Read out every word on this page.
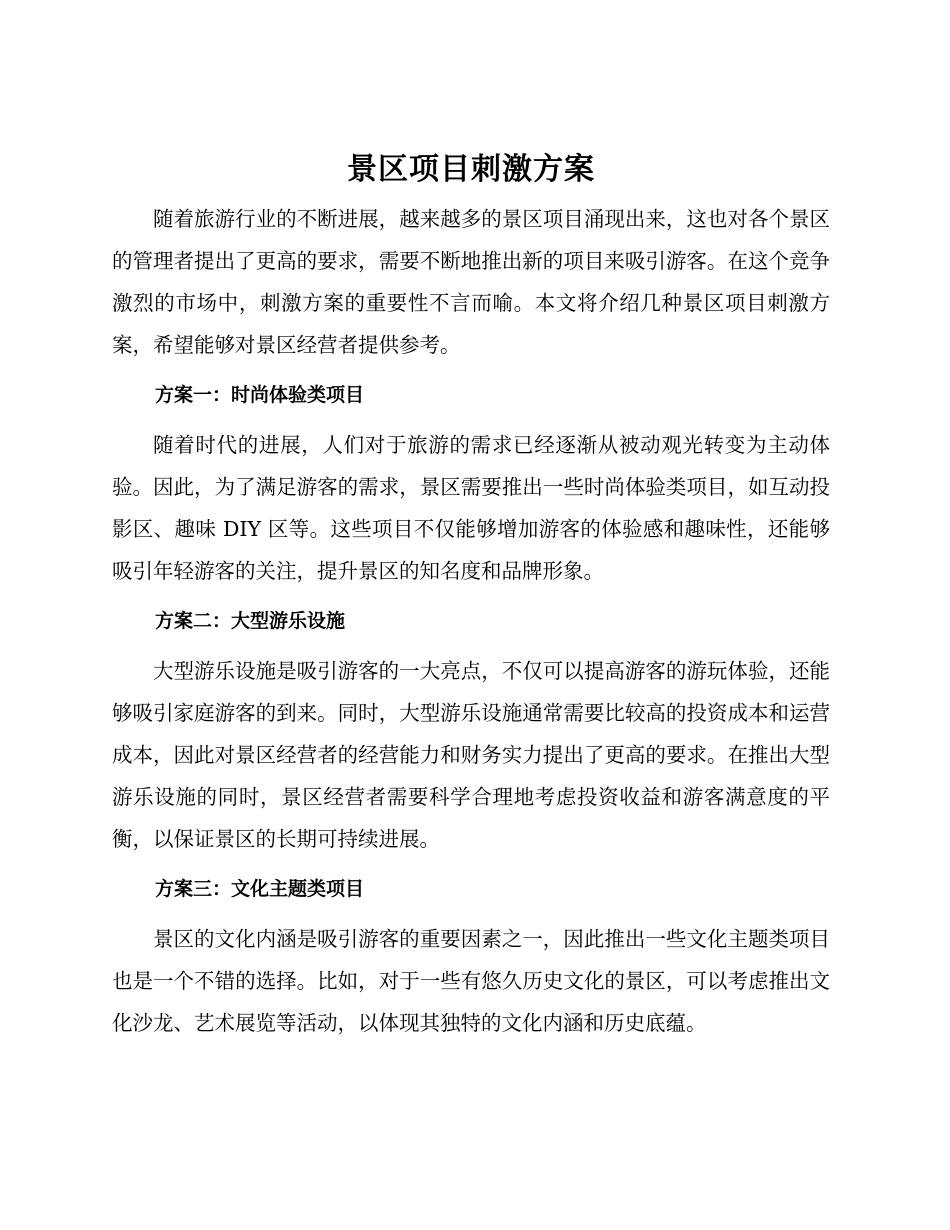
景区项目刺激方案

随着旅游行业的不断进展，越来越多的景区项目涌现出来，这也对各个景区的管理者提出了更高的要求，需要不断地推出新的项目来吸引游客。在这个竞争激烈的市场中，刺激方案的重要性不言而喻。本文将介绍几种景区项目刺激方案，希望能够对景区经营者提供参考。

方案一：时尚体验类项目

随着时代的进展，人们对于旅游的需求已经逐渐从被动观光转变为主动体验。因此，为了满足游客的需求，景区需要推出一些时尚体验类项目，如互动投影区、趣味 DIY 区等。这些项目不仅能够增加游客的体验感和趣味性，还能够吸引年轻游客的关注，提升景区的知名度和品牌形象。

方案二：大型游乐设施

大型游乐设施是吸引游客的一大亮点，不仅可以提高游客的游玩体验，还能够吸引家庭游客的到来。同时，大型游乐设施通常需要比较高的投资成本和运营成本，因此对景区经营者的经营能力和财务实力提出了更高的要求。在推出大型游乐设施的同时，景区经营者需要科学合理地考虑投资收益和游客满意度的平衡，以保证景区的长期可持续进展。

方案三：文化主题类项目

景区的文化内涵是吸引游客的重要因素之一，因此推出一些文化主题类项目也是一个不错的选择。比如，对于一些有悠久历史文化的景区，可以考虑推出文化沙龙、艺术展览等活动，以体现其独特的文化内涵和历史底蕴。
